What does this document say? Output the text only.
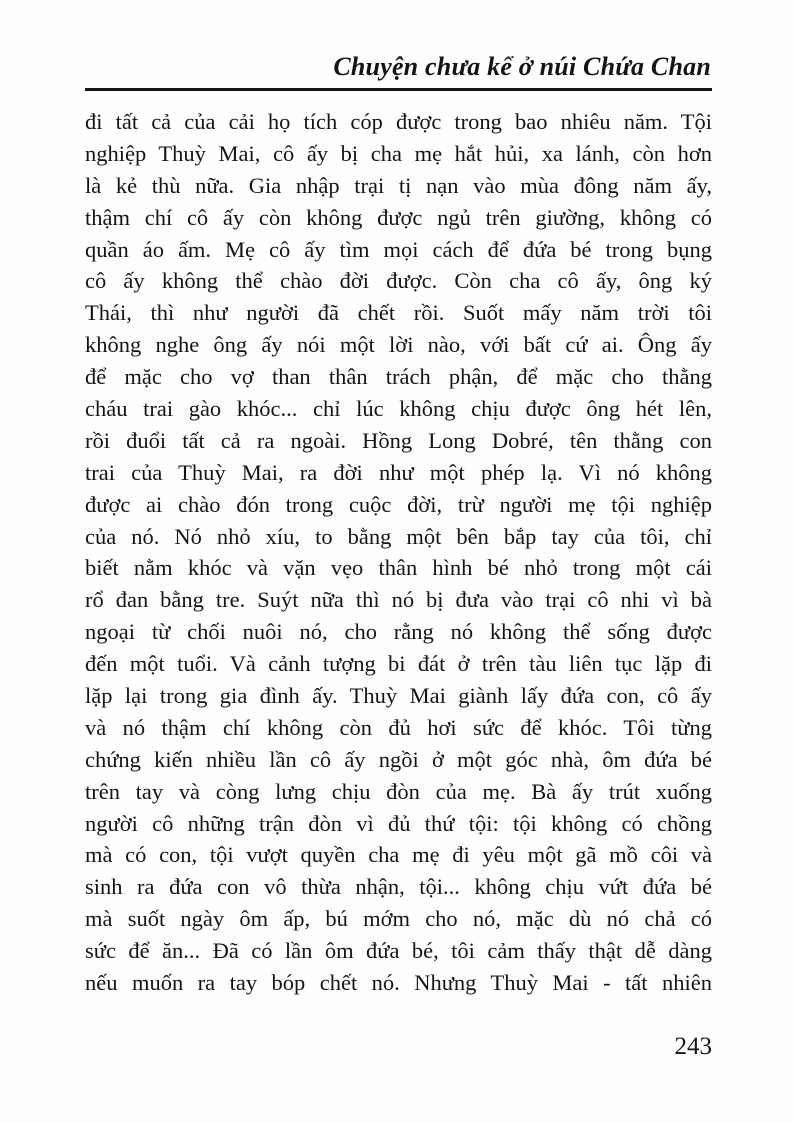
Chuyện chưa kể ở núi Chứa Chan
đi tất cả của cải họ tích cóp được trong bao nhiêu năm. Tội
nghiệp Thuỳ Mai, cô ấy bị cha mẹ hắt hủi, xa lánh, còn hơn
là kẻ thù nữa. Gia nhập trại tị nạn vào mùa đông năm ấy,
thậm chí cô ấy còn không được ngủ trên giường, không có
quần áo ấm. Mẹ cô ấy tìm mọi cách để đứa bé trong bụng
cô ấy không thể chào đời được. Còn cha cô ấy, ông ký
Thái, thì như người đã chết rồi. Suốt mấy năm trời tôi
không nghe ông ấy nói một lời nào, với bất cứ ai. Ông ấy
để mặc cho vợ than thân trách phận, để mặc cho thằng
cháu trai gào khóc... chỉ lúc không chịu được ông hét lên,
rồi đuổi tất cả ra ngoài. Hồng Long Dobré, tên thằng con
trai của Thuỳ Mai, ra đời như một phép lạ. Vì nó không
được ai chào đón trong cuộc đời, trừ người mẹ tội nghiệp
của nó. Nó nhỏ xíu, to bằng một bên bắp tay của tôi, chỉ
biết nằm khóc và vặn vẹo thân hình bé nhỏ trong một cái
rổ đan bằng tre. Suýt nữa thì nó bị đưa vào trại cô nhi vì bà
ngoại từ chối nuôi nó, cho rằng nó không thể sống được
đến một tuổi. Và cảnh tượng bi đát ở trên tàu liên tục lặp đi
lặp lại trong gia đình ấy. Thuỳ Mai giành lấy đứa con, cô ấy
và nó thậm chí không còn đủ hơi sức để khóc. Tôi từng
chứng kiến nhiều lần cô ấy ngồi ở một góc nhà, ôm đứa bé
trên tay và còng lưng chịu đòn của mẹ. Bà ấy trút xuống
người cô những trận đòn vì đủ thứ tội: tội không có chồng
mà có con, tội vượt quyền cha mẹ đi yêu một gã mồ côi và
sinh ra đứa con vô thừa nhận, tội... không chịu vứt đứa bé
mà suốt ngày ôm ấp, bú mớm cho nó, mặc dù nó chả có
sức để ăn... Đã có lần ôm đứa bé, tôi cảm thấy thật dễ dàng
nếu muốn ra tay bóp chết nó. Nhưng Thuỳ Mai - tất nhiên
243
